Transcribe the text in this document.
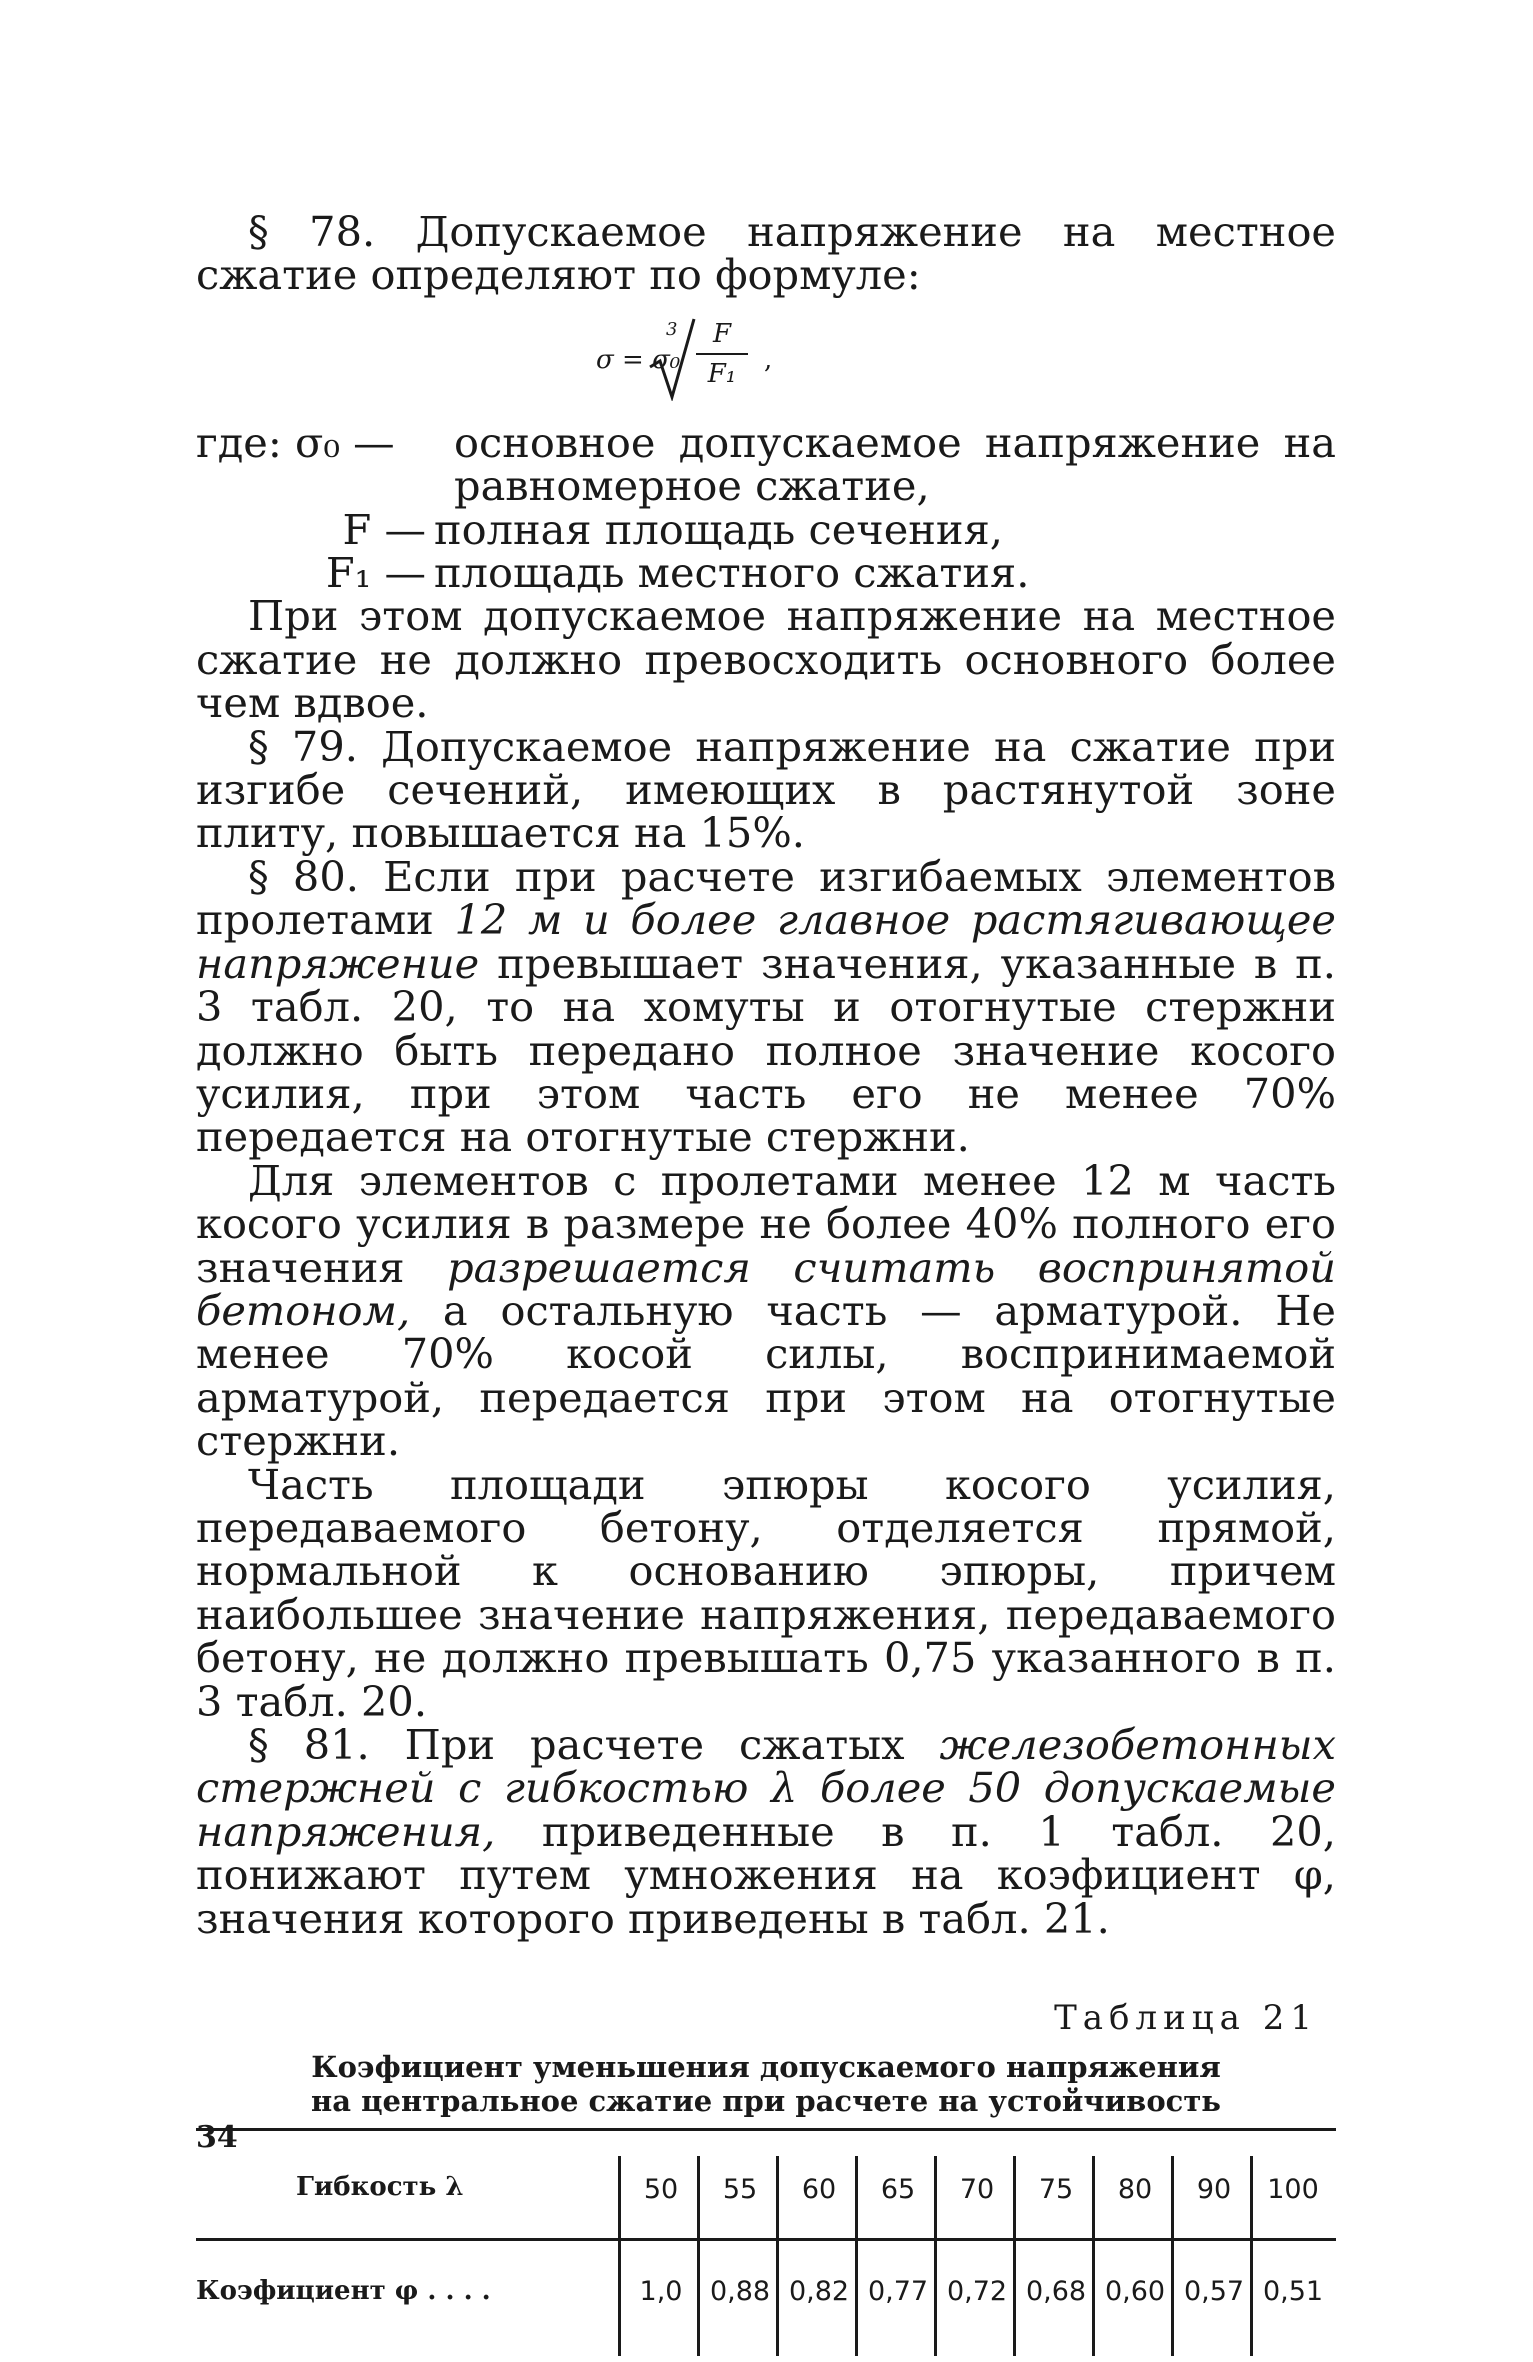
§ 78. Допускаемое напряжение на местное сжатие определяют по формуле:

σ = σ₀
$3 \frac{F}{\text{F₁}}$ ,
где: σ₀ —	основное допускаемое напряжение на равномерное сжатие,
F — полная площадь сечения,
F₁ — площадь местного сжатия.

При этом допускаемое напряжение на местное сжатие не должно превосходить основного более чем вдвое.

§ 79. Допускаемое напряжение на сжатие при изгибе сечений, имеющих в растянутой зоне плиту, повышается на 15%.

§ 80. Если при расчете изгибаемых элементов пролетами 12 м и более главное растягивающее напряжение превышает значения, указанные в п. 3 табл. 20, то на хомуты и отогнутые стержни должно быть передано полное значение косого усилия, при этом часть его не менее 70% передается на отогнутые стержни.

Для элементов с пролетами менее 12 м часть косого усилия в размере не более 40% полного его значения разрешается считать воспринятой бетоном, а остальную часть — арматурой. Не менее 70% косой силы, воспринимаемой арматурой, передается при этом на отогнутые стержни.

Часть площади эпюры косого усилия, передаваемого бетону, отделяется прямой, нормальной к основанию эпюры, причем наибольшее значение напряжения, передаваемого бетону, не должно превышать 0,75 указанного в п. 3 табл. 20.

§ 81. При расчете сжатых железобетонных стержней с гибкостью λ более 50 допускаемые напряжения, приведенные в п. 1 табл. 20, понижают путем умножения на коэфициент φ, значения которого приведены в табл. 21.

Таблица 21
Коэфициент уменьшения допускаемого напряжения
на центральное сжатие при расчете на устойчивость
Гибкость λ
Коэфициент φ . . . .
50
1,0
55
0,88
60
0,82
65
0,77
70
0,72
75
0,68
80
0,60
90
0,57
100
0,51
34
